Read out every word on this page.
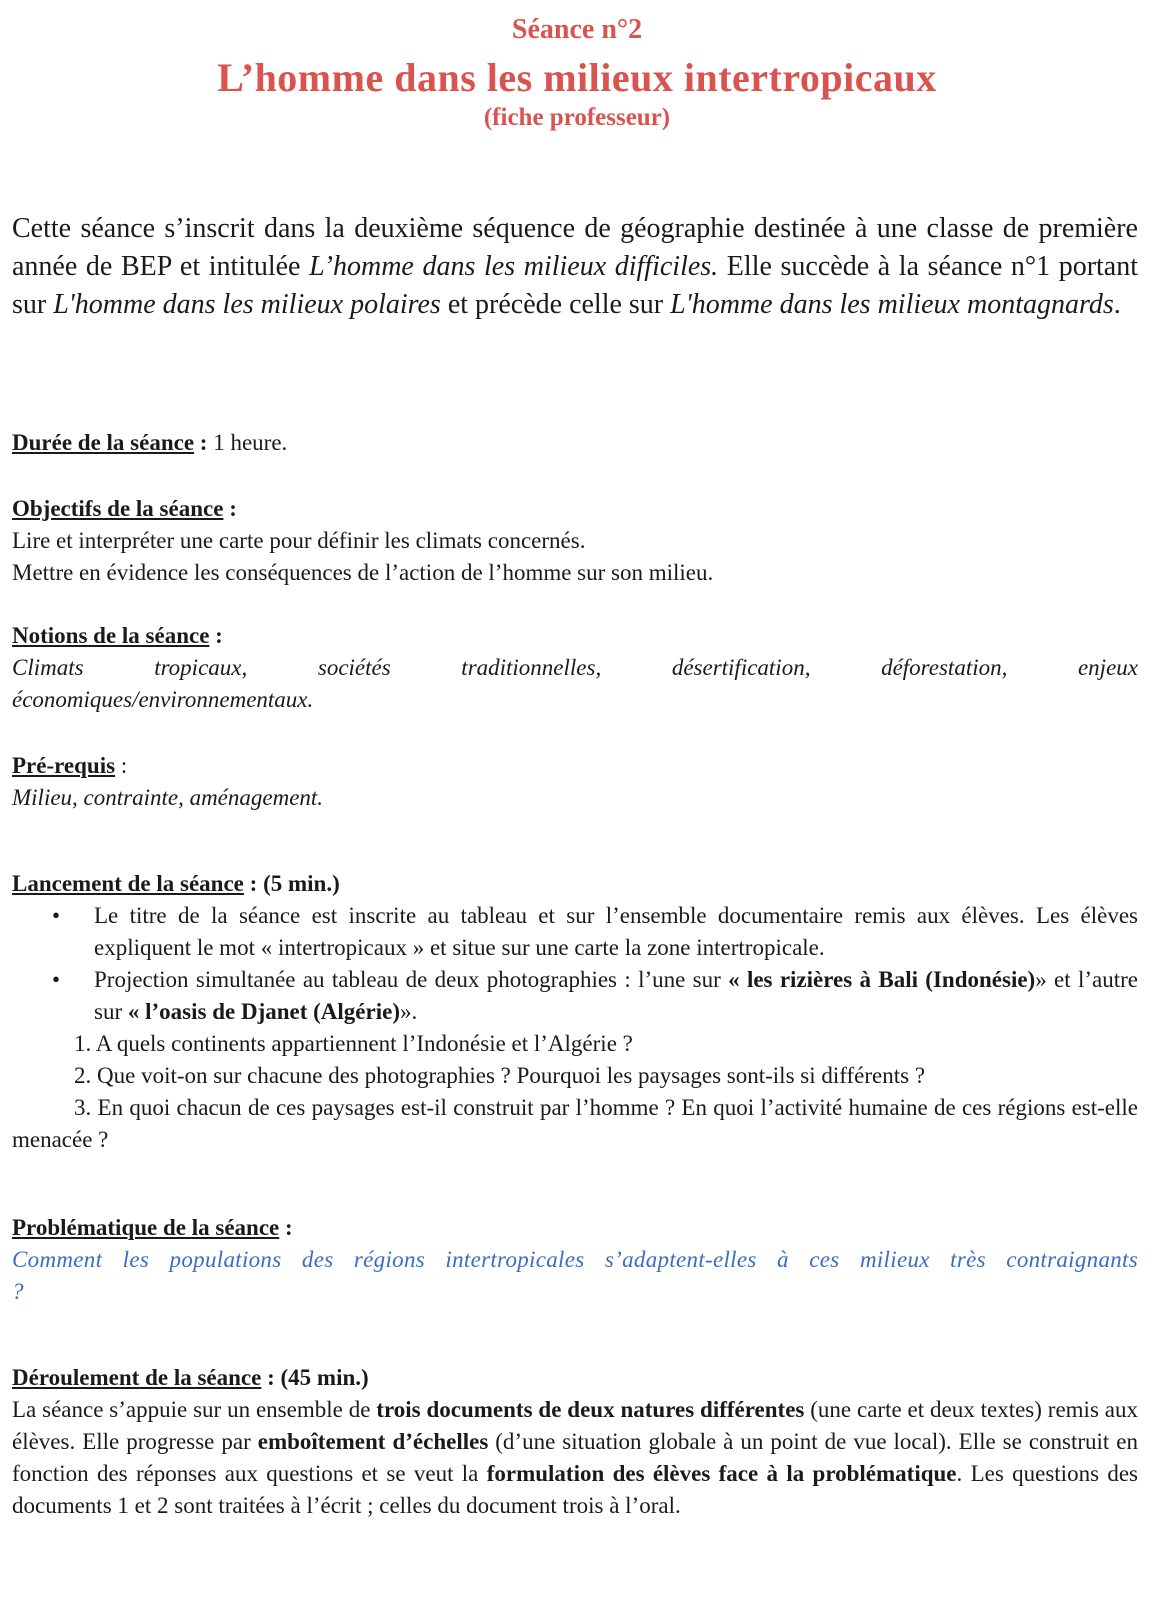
Séance n°2
L’homme dans les milieux intertropicaux
(fiche professeur)
Cette séance s’inscrit dans la deuxième séquence de géographie destinée à une classe de première année de BEP et intitulée L’homme dans les milieux difficiles. Elle succède à la séance n°1 portant sur L'homme dans les milieux polaires et précède celle sur L'homme dans les milieux montagnards.
Durée de la séance : 1 heure.
Objectifs de la séance :
Lire et interpréter une carte pour définir les climats concernés.
Mettre en évidence les conséquences de l’action de l’homme sur son milieu.
Notions de la séance :
Climats tropicaux, sociétés traditionnelles, désertification, déforestation, enjeux économiques/environnementaux.
Pré-requis :
Milieu, contrainte, aménagement.
Lancement de la séance : (5 min.)
• Le titre de la séance est inscrite au tableau et sur l’ensemble documentaire remis aux élèves. Les élèves expliquent le mot « intertropicaux » et situe sur une carte la zone intertropicale.
• Projection simultanée au tableau de deux photographies : l’une sur « les rizières à Bali (Indonésie)» et l’autre sur « l’oasis de Djanet (Algérie)».
1. A quels continents appartiennent l’Indonésie et l’Algérie ?
2. Que voit-on sur chacune des photographies ? Pourquoi les paysages sont-ils si différents ?
3. En quoi chacun de ces paysages est-il construit par l’homme ? En quoi l’activité humaine de ces régions est-elle menacée ?
Problématique de la séance :
Comment les populations des régions intertropicales s’adaptent-elles à ces milieux très contraignants ?
Déroulement de la séance : (45 min.)
La séance s’appuie sur un ensemble de trois documents de deux natures différentes (une carte et deux textes) remis aux élèves. Elle progresse par emboîtement d’échelles (d’une situation globale à un point de vue local). Elle se construit en fonction des réponses aux questions et se veut la formulation des élèves face à la problématique. Les questions des documents 1 et 2 sont traitées à l’écrit ; celles du document trois à l’oral.
